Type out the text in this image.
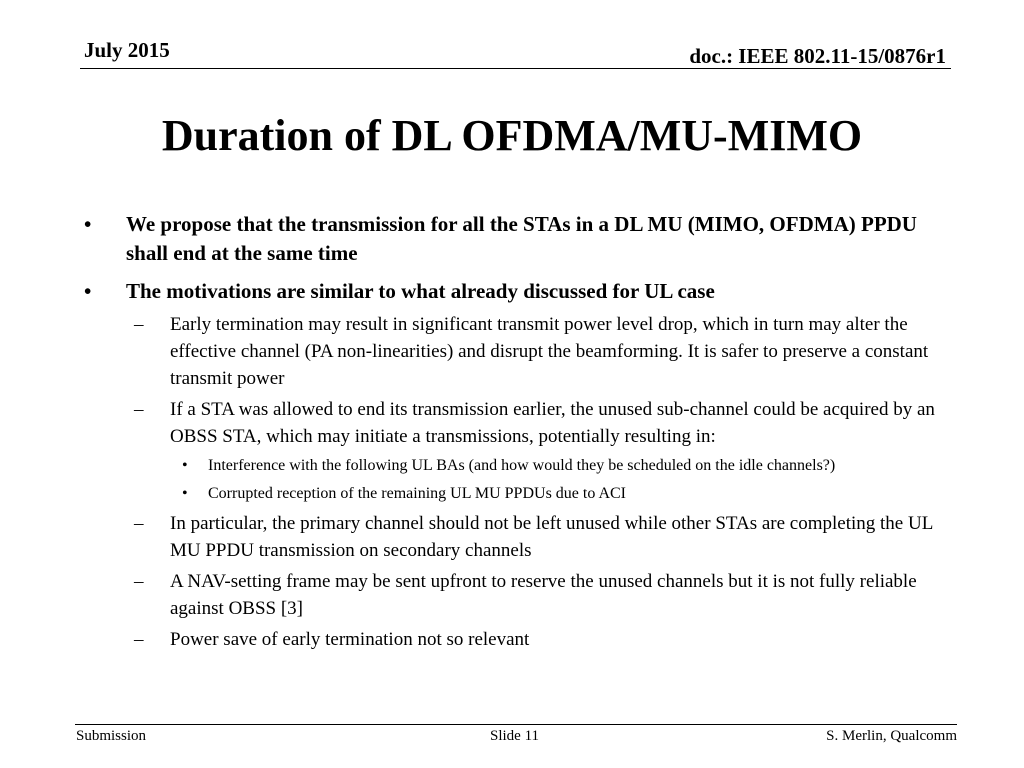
July 2015	doc.: IEEE 802.11-15/0876r1
Duration of DL OFDMA/MU-MIMO
•	We propose that the transmission for all the STAs in a DL MU (MIMO, OFDMA) PPDU shall end at the same time
•	The motivations are similar to what already discussed for UL case
–	Early termination may result in significant transmit power level drop, which in turn may alter the effective channel (PA non-linearities) and disrupt the beamforming. It is safer to preserve a constant transmit power
–	If a STA was allowed to end its transmission earlier, the unused sub-channel could be acquired by an OBSS STA, which may initiate a transmissions, potentially resulting in:
•	Interference with the following UL BAs (and how would they be scheduled on the idle channels?)
•	Corrupted reception of the remaining UL MU PPDUs due to ACI
–	In particular, the primary channel should not be left unused while other STAs are completing the UL MU PPDU transmission on secondary channels
–	A NAV-setting frame may be sent upfront to reserve the unused channels but it is not fully reliable against OBSS [3]
–	Power save of early termination not so relevant
Submission	Slide 11	S. Merlin, Qualcomm
